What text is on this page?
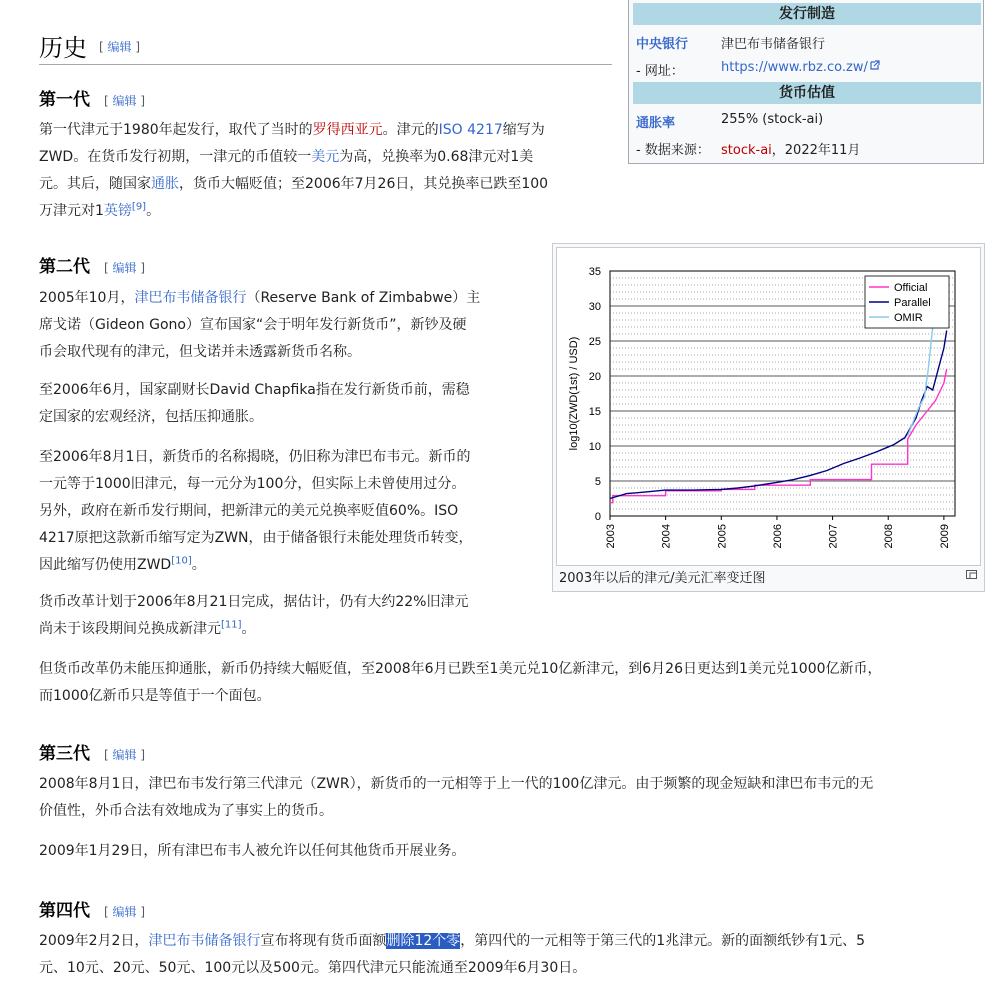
历史 [ 编辑 ]
发行制造
中央银行	津巴布韦储备银行
- 网址：	https://www.rbz.co.zw/
货币估值
通胀率	255% (stock-ai)
- 数据来源： stock-ai，2022年11月
第一代 [ 编辑 ]
第一代津元于1980年起发行，取代了当时的罗得西亚元。津元的ISO 4217缩写为
ZWD。在货币发行初期，一津元的币值较一美元为高，兑换率为0.68津元对1美
元。其后，随国家通胀，货币大幅贬值；至2006年7月26日，其兑换率已跌至100
万津元对1英镑[9]。
第二代 [ 编辑 ]
2005年10月，津巴布韦储备银行（Reserve Bank of Zimbabwe）主
席戈诺（Gideon Gono）宣布国家“会于明年发行新货币”，新钞及硬
币会取代现有的津元，但戈诺并未透露新货币名称。
至2006年6月，国家副财长David Chapfika指在发行新货币前，需稳
定国家的宏观经济，包括压抑通胀。
至2006年8月1日，新货币的名称揭晓，仍旧称为津巴布韦元。新币的
一元等于1000旧津元，每一元分为100分，但实际上未曾使用过分。
另外，政府在新币发行期间，把新津元的美元兑换率贬值60%。ISO
4217原把这款新币缩写定为ZWN，由于储备银行未能处理货币转变，
因此缩写仍使用ZWD[10]。
货币改革计划于2006年8月21日完成，据估计，仍有大约22%旧津元
尚未于该段期间兑换成新津元[11]。
但货币改革仍未能压抑通胀，新币仍持续大幅贬值，至2008年6月已跌至1美元兑10亿新津元，到6月26日更达到1美元兑1000亿新币，
而1000亿新币只是等值于一个面包。
0
5
10
15
20
25
30
35
2003	2004	2005	2006	2007	2008	2009
log10(ZWD(1st) / USD)
Official
Parallel
OMIR
2003年以后的津元/美元汇率变迁图
第三代 [ 编辑 ]
2008年8月1日，津巴布韦发行第三代津元（ZWR），新货币的一元相等于上一代的100亿津元。由于频繁的现金短缺和津巴布韦元的无
价值性，外币合法有效地成为了事实上的货币。
2009年1月29日，所有津巴布韦人被允许以任何其他货币开展业务。
第四代 [ 编辑 ]
2009年2月2日，津巴布韦储备银行宣布将现有货币面额删除12个零，第四代的一元相等于第三代的1兆津元。新的面额纸钞有1元、5
元、10元、20元、50元、100元以及500元。第四代津元只能流通至2009年6月30日。
